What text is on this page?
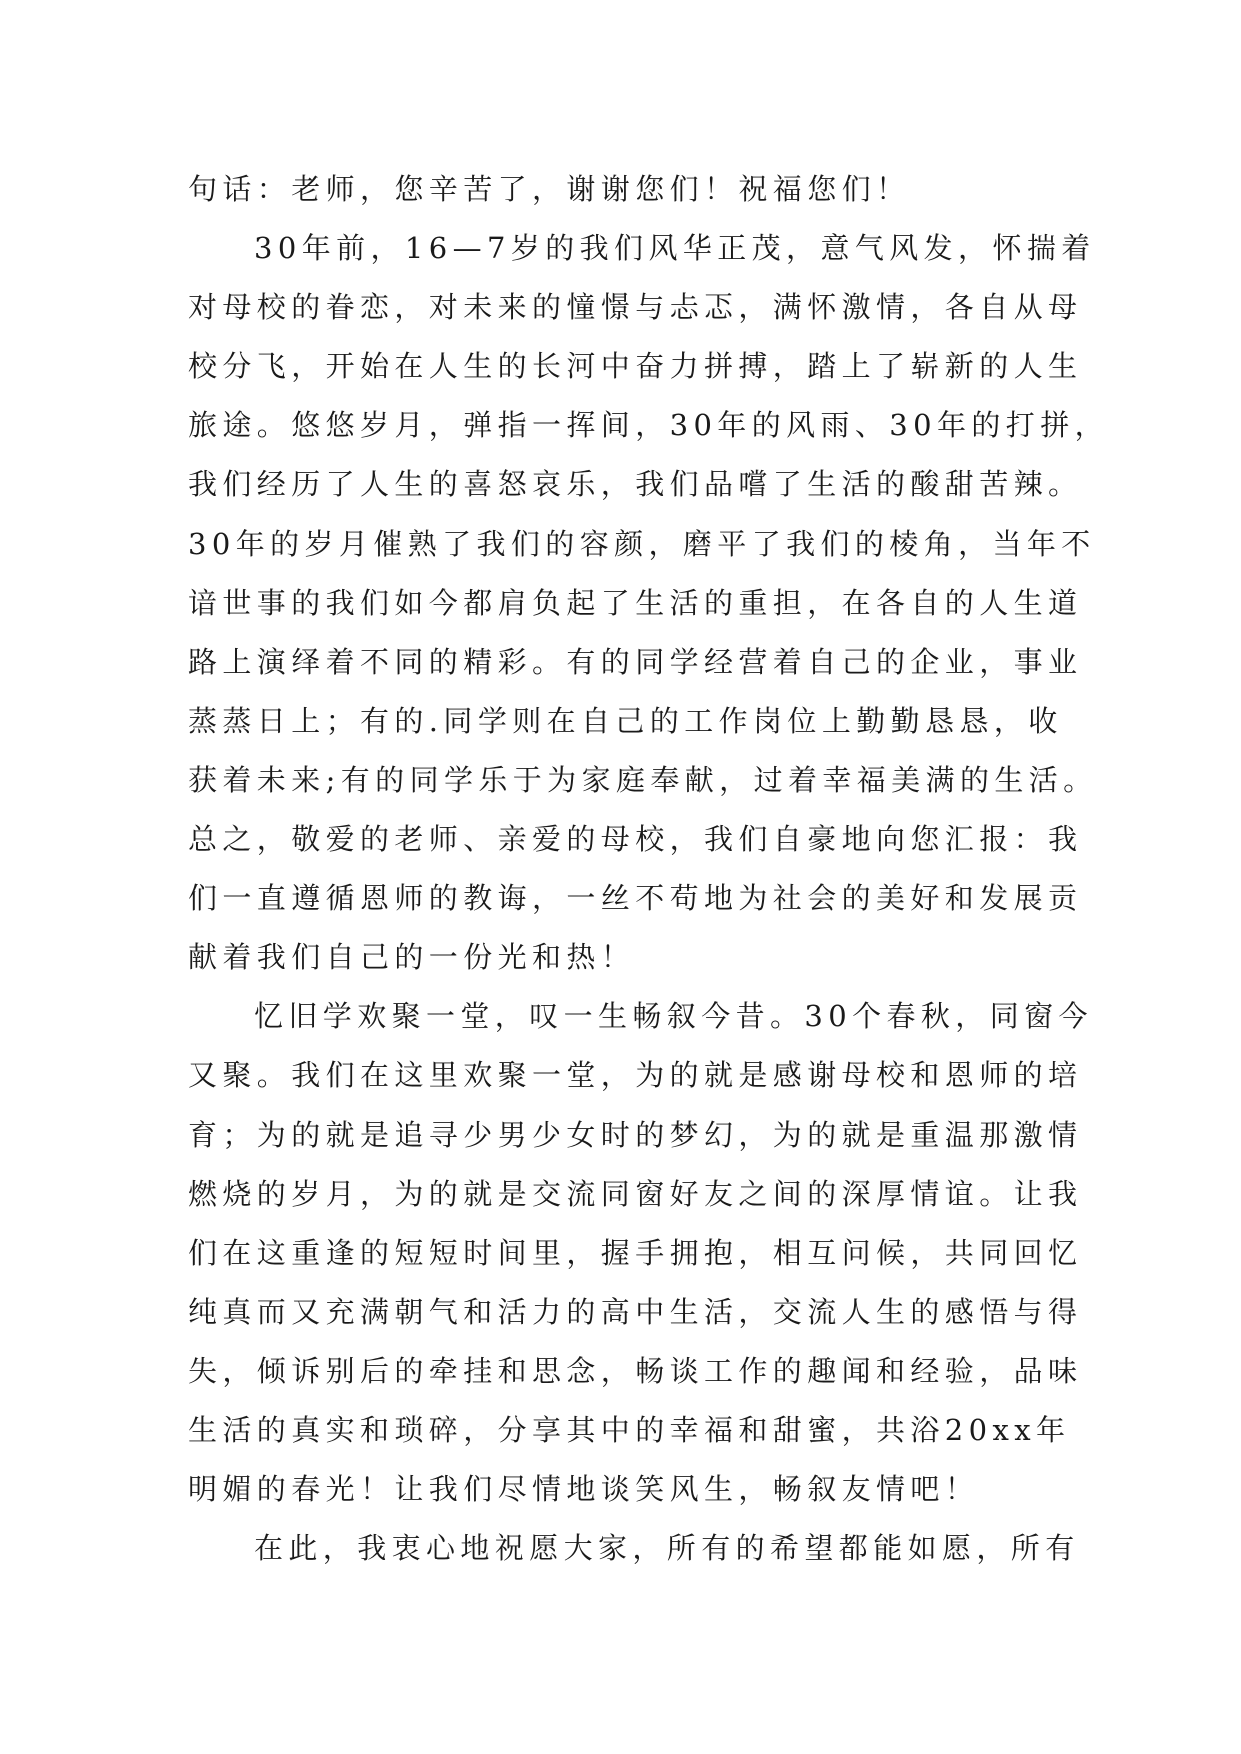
句话：老师，您辛苦了，谢谢您们！祝福您们！
30年前，16—7岁的我们风华正茂，意气风发，怀揣着
对母校的眷恋，对未来的憧憬与忐忑，满怀激情，各自从母
校分飞，开始在人生的长河中奋力拼搏，踏上了崭新的人生
旅途。悠悠岁月，弹指一挥间，30年的风雨、30年的打拼，
我们经历了人生的喜怒哀乐，我们品嚐了生活的酸甜苦辣。
30年的岁月催熟了我们的容颜，磨平了我们的棱角，当年不
谙世事的我们如今都肩负起了生活的重担，在各自的人生道
路上演绎着不同的精彩。有的同学经营着自己的企业，事业
蒸蒸日上；有的.同学则在自己的工作岗位上勤勤恳恳，收
获着未来;有的同学乐于为家庭奉献，过着幸福美满的生活。
总之，敬爱的老师、亲爱的母校，我们自豪地向您汇报：我
们一直遵循恩师的教诲，一丝不苟地为社会的美好和发展贡
献着我们自己的一份光和热！
忆旧学欢聚一堂，叹一生畅叙今昔。30个春秋，同窗今
又聚。我们在这里欢聚一堂，为的就是感谢母校和恩师的培
育；为的就是追寻少男少女时的梦幻，为的就是重温那激情
燃烧的岁月，为的就是交流同窗好友之间的深厚情谊。让我
们在这重逢的短短时间里，握手拥抱，相互问候，共同回忆
纯真而又充满朝气和活力的高中生活，交流人生的感悟与得
失，倾诉别后的牵挂和思念，畅谈工作的趣闻和经验，品味
生活的真实和琐碎，分享其中的幸福和甜蜜，共浴20xx年
明媚的春光！让我们尽情地谈笑风生，畅叙友情吧！
在此，我衷心地祝愿大家，所有的希望都能如愿，所有
